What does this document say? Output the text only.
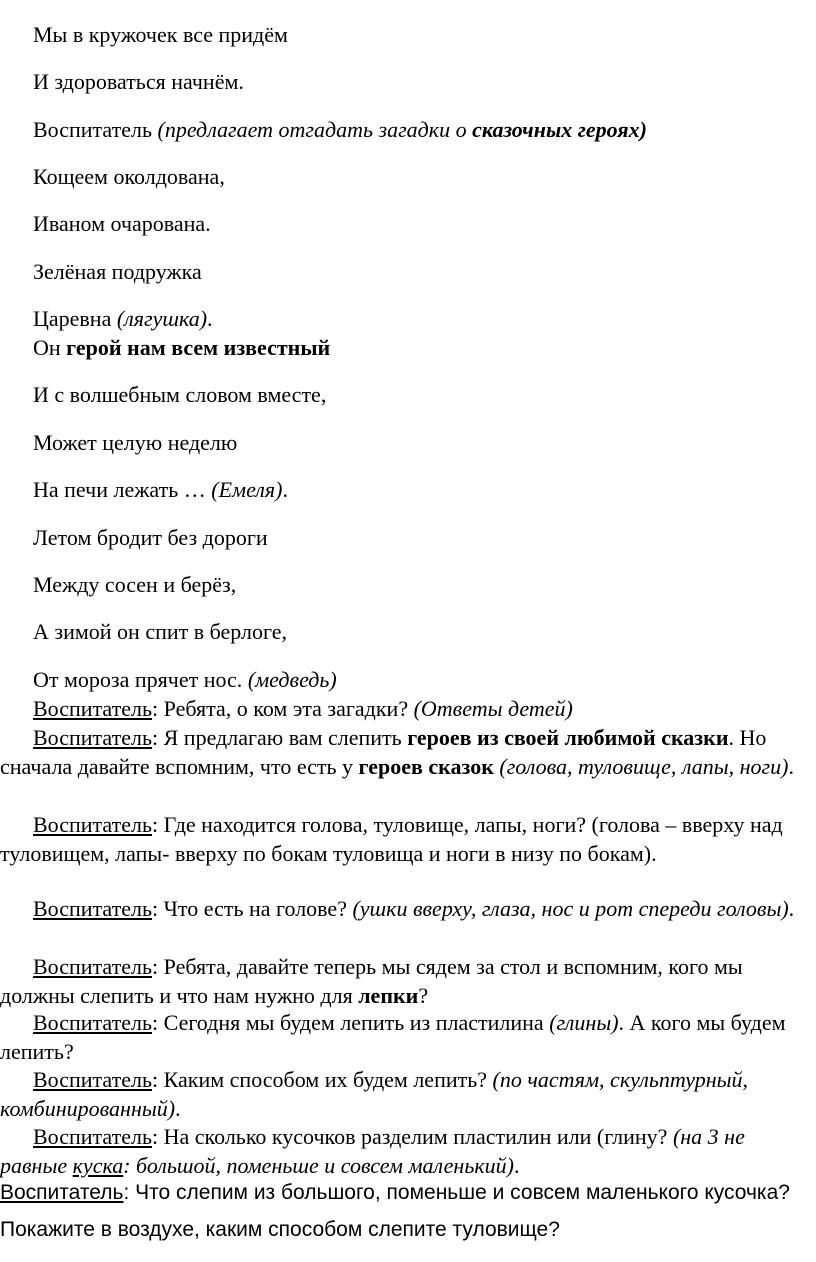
Мы в кружочек все придём
И здороваться начнём.
Воспитатель (предлагает отгадать загадки о сказочных героях)
Кощеем околдована,
Иваном очарована.
Зелёная подружка
Царевна (лягушка).
Он герой нам всем известный
И с волшебным словом вместе,
Может целую неделю
На печи лежать … (Емеля).
Летом бродит без дороги
Между сосен и берёз,
А зимой он спит в берлоге,
От мороза прячет нос. (медведь)
Воспитатель: Ребята, о ком эта загадки? (Ответы детей)
Воспитатель: Я предлагаю вам слепить героев из своей любимой сказки. Но сначала давайте вспомним, что есть у героев сказок (голова, туловище, лапы, ноги).
Воспитатель: Где находится голова, туловище, лапы, ноги? (голова – вверху над туловищем, лапы- вверху по бокам туловища и ноги в низу по бокам).
Воспитатель: Что есть на голове? (ушки вверху, глаза, нос и рот спереди головы).
Воспитатель: Ребята, давайте теперь мы сядем за стол и вспомним, кого мы должны слепить и что нам нужно для лепки?
Воспитатель: Сегодня мы будем лепить из пластилина (глины). А кого мы будем лепить?
Воспитатель: Каким способом их будем лепить? (по частям, скульптурный, комбинированный).
Воспитатель: На сколько кусочков разделим пластилин или (глину? (на 3 не равные куска: большой, поменьше и совсем маленький).
Воспитатель: Что слепим из большого, поменьше и совсем маленького кусочка? Покажите в воздухе, каким способом слепите туловище?
